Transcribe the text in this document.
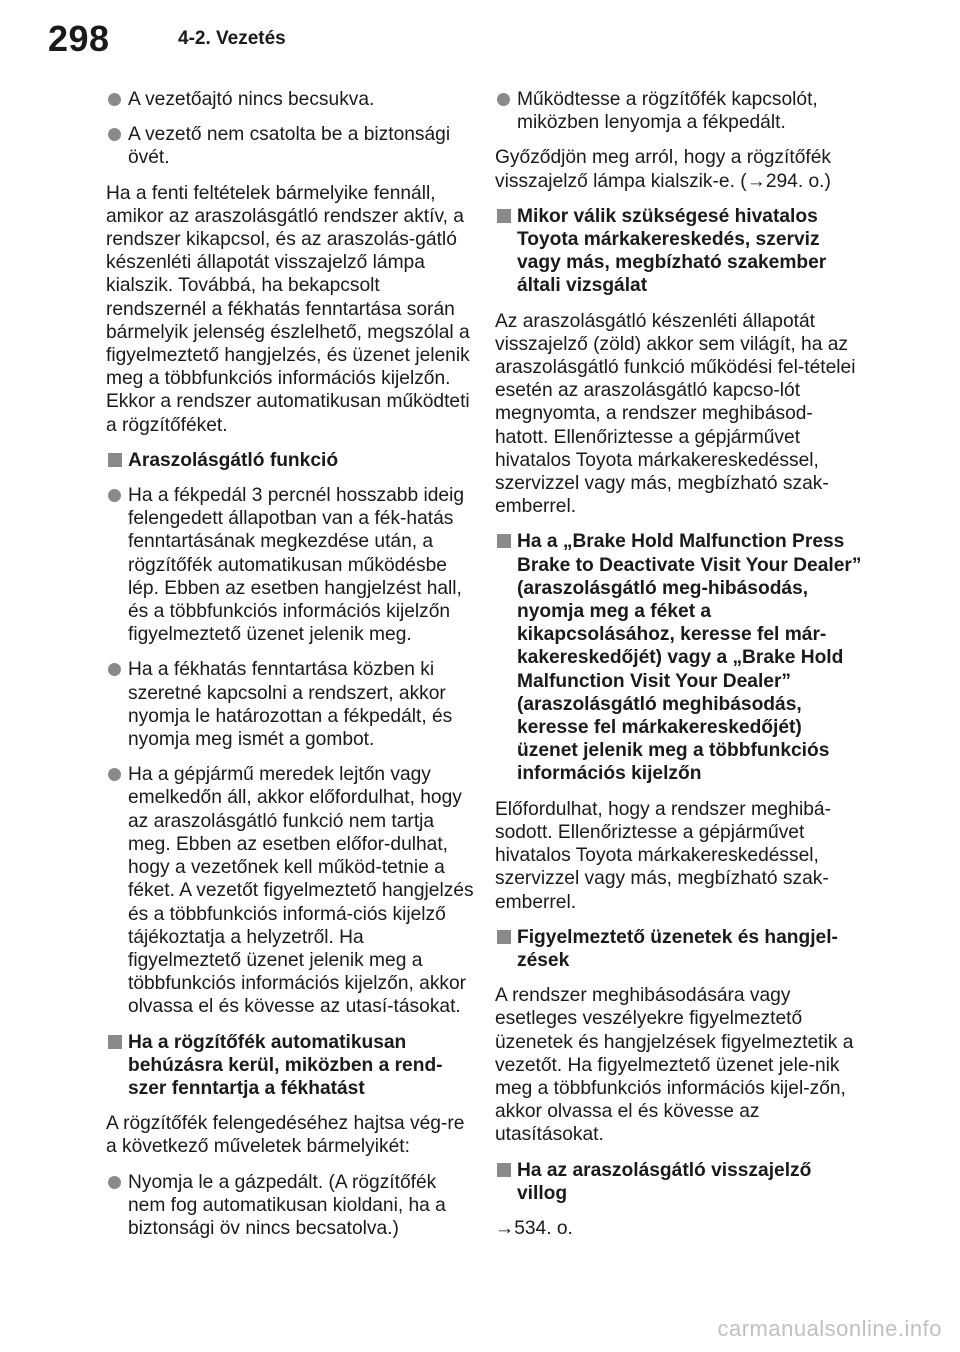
298	4-2. Vezetés
A vezetőajtó nincs becsukva.
A vezető nem csatolta be a biztonsági övét.
Ha a fenti feltételek bármelyike fennáll, amikor az araszolásgátló rendszer aktív, a rendszer kikapcsol, és az araszolás-gátló készenléti állapotát visszajelző lámpa kialszik. Továbbá, ha bekapcsolt rendszernél a fékhatás fenntartása során bármelyik jelenség észlelhető, megszólal a figyelmeztető hangjelzés, és üzenet jelenik meg a többfunkciós információs kijelzőn. Ekkor a rendszer automatikusan működteti a rögzítőféket.
Araszolásgátló funkció
Ha a fékpedál 3 percnél hosszabb ideig felengedett állapotban van a fék-hatás fenntartásának megkezdése után, a rögzítőfék automatikusan működésbe lép. Ebben az esetben hangjelzést hall, és a többfunkciós információs kijelzőn figyelmeztető üzenet jelenik meg.
Ha a fékhatás fenntartása közben ki szeretné kapcsolni a rendszert, akkor nyomja le határozottan a fékpedált, és nyomja meg ismét a gombot.
Ha a gépjármű meredek lejtőn vagy emelkedőn áll, akkor előfordulhat, hogy az araszolásgátló funkció nem tartja meg. Ebben az esetben előfor-dulhat, hogy a vezetőnek kell működ-tetnie a féket. A vezetőt figyelmeztető hangjelzés és a többfunkciós informá-ciós kijelző tájékoztatja a helyzetről. Ha figyelmeztető üzenet jelenik meg a többfunkciós információs kijelzőn, akkor olvassa el és kövesse az utasí-tásokat.
Ha a rögzítőfék automatikusan behúzásra kerül, miközben a rend-szer fenntartja a fékhatást
A rögzítőfék felengedéséhez hajtsa vég-re a következő műveletek bármelyikét:
Nyomja le a gázpedált. (A rögzítőfék nem fog automatikusan kioldani, ha a biztonsági öv nincs becsatolva.)
Működtesse a rögzítőfék kapcsolót, miközben lenyomja a fékpedált.
Győződjön meg arról, hogy a rögzítőfék visszajelző lámpa kialszik-e. (→294. o.)
Mikor válik szükségesé hivatalos Toyota márkakereskedés, szerviz vagy más, megbízható szakember általi vizsgálat
Az araszolásgátló készenléti állapotát visszajelző (zöld) akkor sem világít, ha az araszolásgátló funkció működési fel-tételei esetén az araszolásgátló kapcso-lót megnyomta, a rendszer meghibásod-hatott. Ellenőriztesse a gépjárművet hivatalos Toyota márkakereskedéssel, szervizzel vagy más, megbízható szak-emberrel.
Ha a „Brake Hold Malfunction Press Brake to Deactivate Visit Your Dealer” (araszolásgátló meg-hibásodás, nyomja meg a féket a kikapcsolásához, keresse fel már-kakereskedőjét) vagy a „Brake Hold Malfunction Visit Your Dealer” (araszolásgátló meghibásodás, keresse fel márkakereskedőjét) üzenet jelenik meg a többfunkciós információs kijelzőn
Előfordulhat, hogy a rendszer meghibá-sodott. Ellenőriztesse a gépjárművet hivatalos Toyota márkakereskedéssel, szervizzel vagy más, megbízható szak-emberrel.
Figyelmeztető üzenetek és hangjel-zések
A rendszer meghibásodására vagy esetleges veszélyekre figyelmeztető üzenetek és hangjelzések figyelmeztetik a vezetőt. Ha figyelmeztető üzenet jele-nik meg a többfunkciós információs kijel-zőn, akkor olvassa el és kövesse az utasításokat.
Ha az araszolásgátló visszajelző villog
→534. o.
carmanualsonline.info
